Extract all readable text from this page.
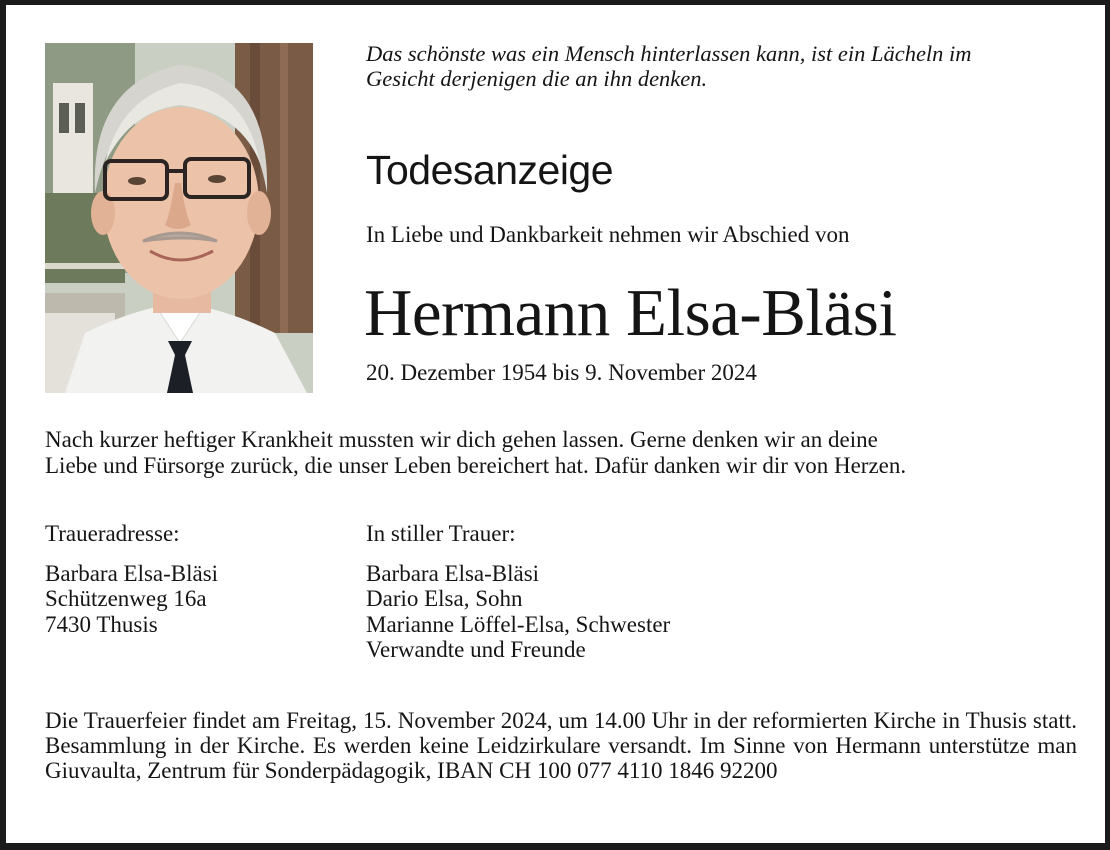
Das schönste was ein Mensch hinterlassen kann, ist ein Lächeln im
Gesicht derjenigen die an ihn denken.

Todesanzeige

In Liebe und Dankbarkeit nehmen wir Abschied von

Hermann Elsa-Bläsi

20. Dezember 1954 bis 9. November 2024

Nach kurzer heftiger Krankheit mussten wir dich gehen lassen. Gerne denken wir an deine
Liebe und Fürsorge zurück, die unser Leben bereichert hat. Dafür danken wir dir von Herzen.

Traueradresse:

Barbara Elsa-Bläsi

Schützenweg 16a

7430 Thusis

In stiller Trauer:

Barbara Elsa-Bläsi

Dario Elsa, Sohn

Marianne Löffel-Elsa, Schwester

Verwandte und Freunde

Die Trauerfeier findet am Freitag, 15. November 2024, um 14.00 Uhr in der reformierten Kirche in Thusis statt. Besammlung in der Kirche. Es werden keine Leidzirkulare versandt. Im Sinne von Hermann unterstütze man Giuvaulta, Zentrum für Sonderpädagogik, IBAN CH 100 077 4110 1846 92200
